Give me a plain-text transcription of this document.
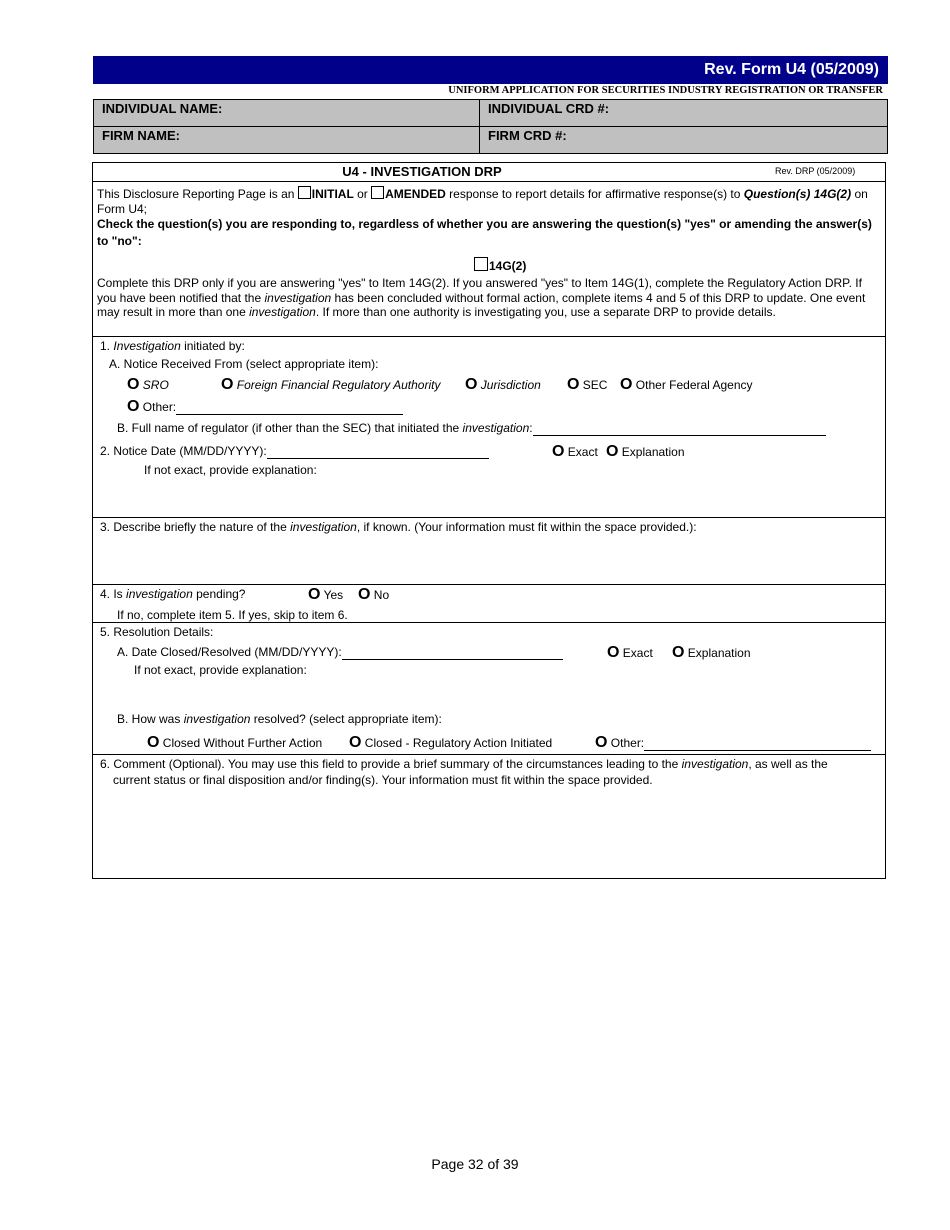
Rev. Form U4 (05/2009)
UNIFORM APPLICATION FOR SECURITIES INDUSTRY REGISTRATION OR TRANSFER
INDIVIDUAL NAME:	INDIVIDUAL CRD #:
FIRM NAME:	FIRM CRD #:
U4 - INVESTIGATION DRP	Rev. DRP (05/2009)
This Disclosure Reporting Page is an INITIAL or AMENDED response to report details for affirmative response(s) to Question(s) 14G(2) on Form U4;
Check the question(s) you are responding to, regardless of whether you are answering the question(s) "yes" or amending the answer(s) to "no":
14G(2)
Complete this DRP only if you are answering "yes" to Item 14G(2). If you answered "yes" to Item 14G(1), complete the Regulatory Action DRP. If you have been notified that the investigation has been concluded without formal action, complete items 4 and 5 of this DRP to update. One event may result in more than one investigation. If more than one authority is investigating you, use a separate DRP to provide details.
1. Investigation initiated by:
A. Notice Received From (select appropriate item):
O SRO	O Foreign Financial Regulatory Authority O Jurisdiction O SEC O Other Federal Agency
O Other:
B. Full name of regulator (if other than the SEC) that initiated the investigation:
2. Notice Date (MM/DD/YYYY):	O Exact O Explanation
If not exact, provide explanation:
3. Describe briefly the nature of the investigation, if known. (Your information must fit within the space provided.):
4. Is investigation pending?	O Yes O No
If no, complete item 5. If yes, skip to item 6.
5. Resolution Details:
A. Date Closed/Resolved (MM/DD/YYYY):	O Exact O Explanation
If not exact, provide explanation:
B. How was investigation resolved? (select appropriate item):
O Closed Without Further Action O Closed - Regulatory Action Initiated	O Other:
6. Comment (Optional). You may use this field to provide a brief summary of the circumstances leading to the investigation, as well as the
current status or final disposition and/or finding(s). Your information must fit within the space provided.
Page 32 of 39
